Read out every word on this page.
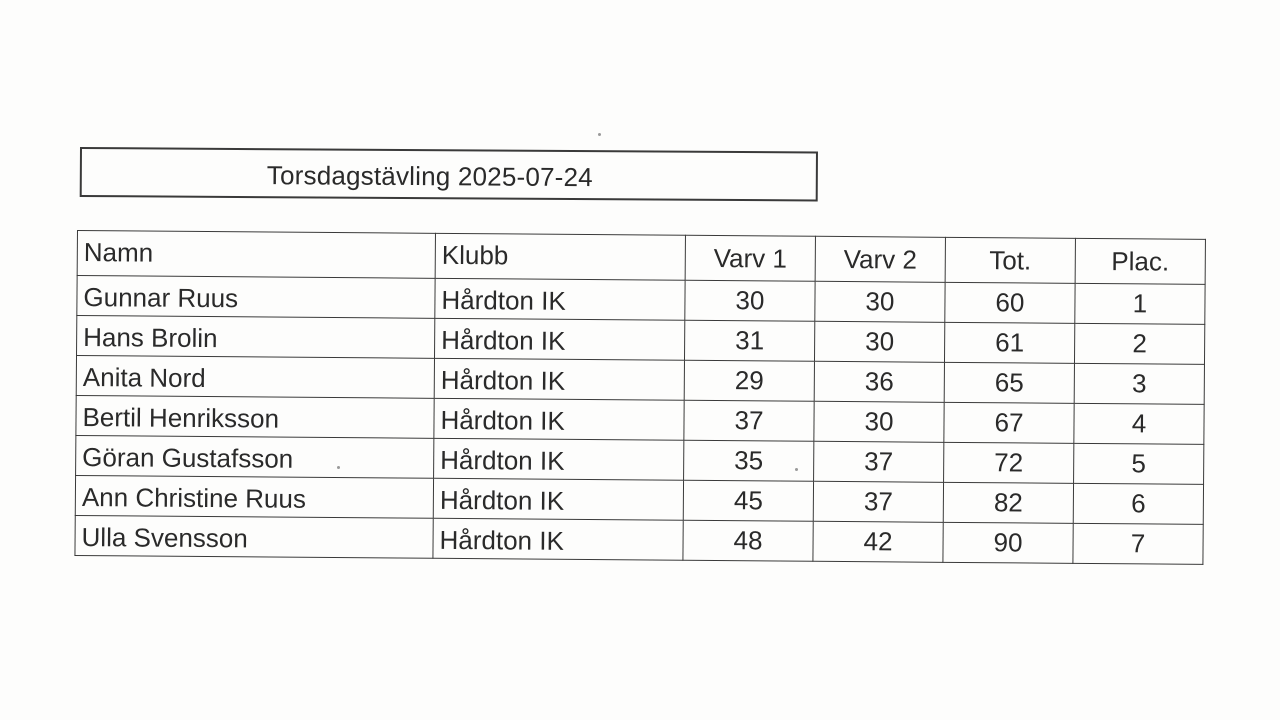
Torsdagstävling 2025-07-24
Namn	Klubb	Varv 1	Varv 2	Tot.	Plac.
Gunnar Ruus	Hårdton IK	30	30	60	1
Hans Brolin	Hårdton IK	31	30	61	2
Anita Nord	Hårdton IK	29	36	65	3
Bertil Henriksson	Hårdton IK	37	30	67	4
Göran Gustafsson	Hårdton IK	35	37	72	5
Ann Christine Ruus	Hårdton IK	45	37	82	6
Ulla Svensson	Hårdton IK	48	42	90	7
